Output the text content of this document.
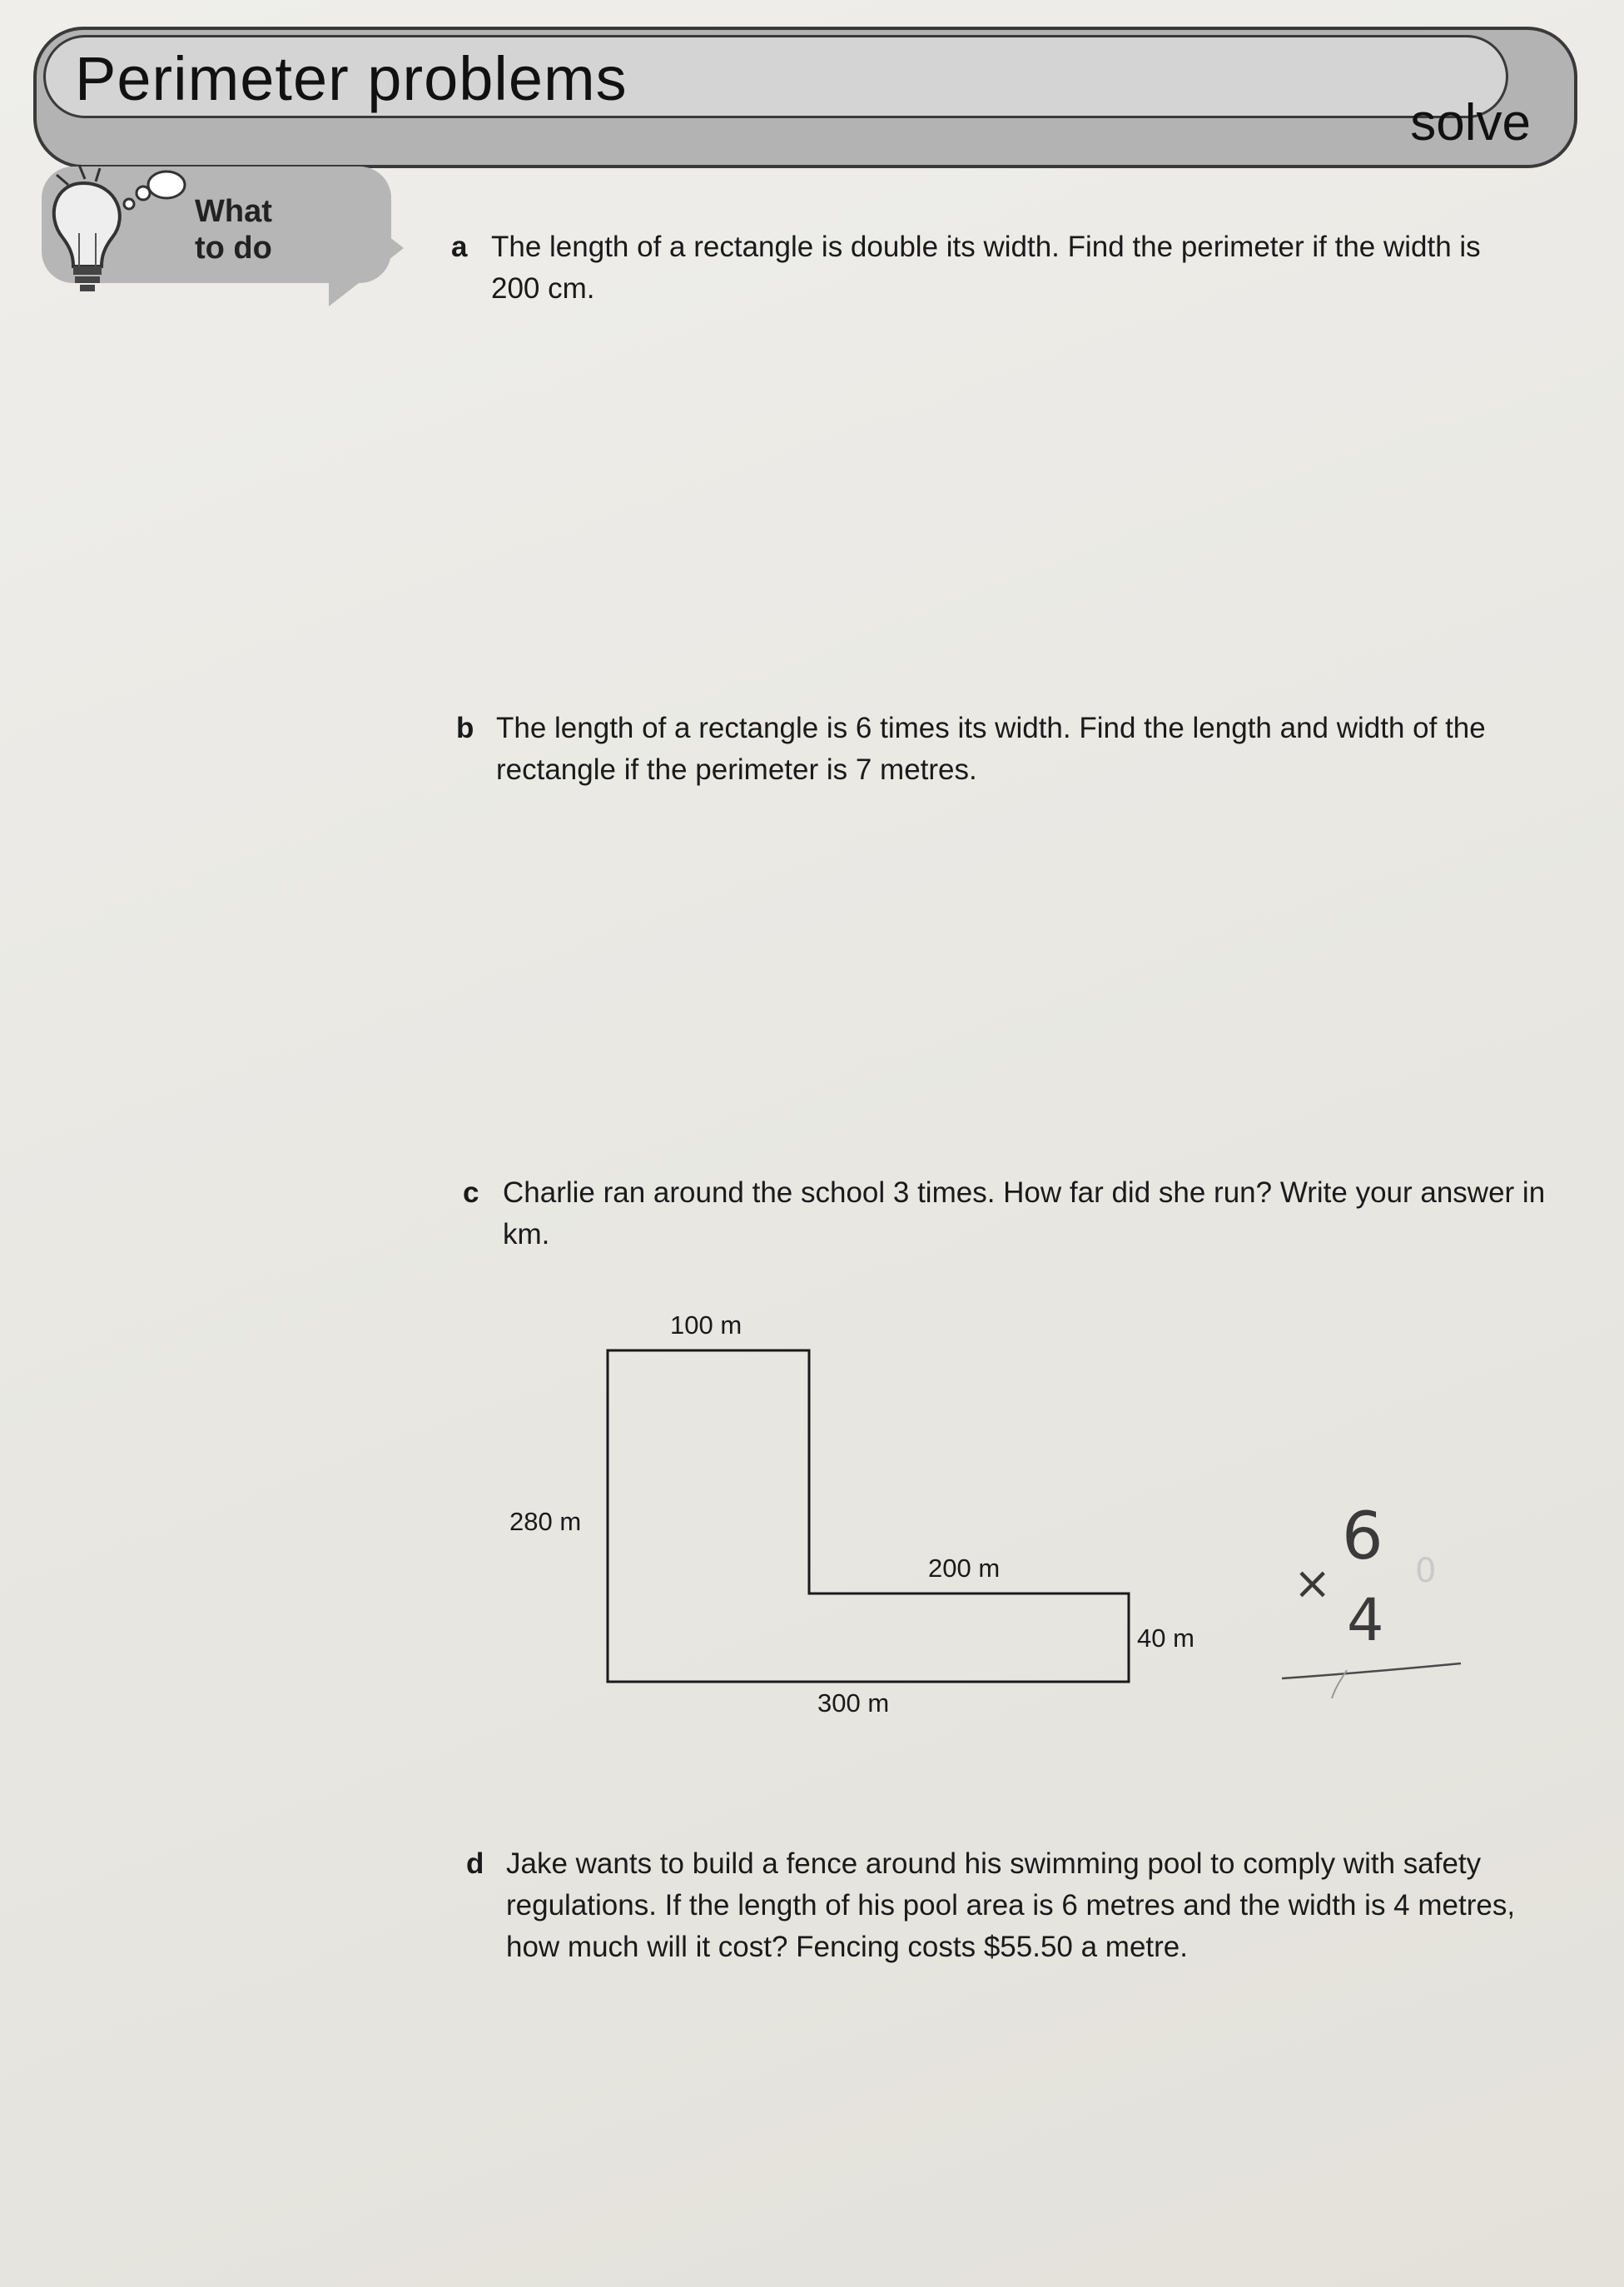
Perimeter problems
solve
What
to do	a The length of a rectangle is double its width. Find the perimeter if the width is 200 cm.
b The length of a rectangle is 6 times its width. Find the length and width of the rectangle if the perimeter is 7 metres.
c Charlie ran around the school 3 times. How far did she run? Write your answer in km.
100 m
280 m
200 m
40 m
300 m
6
×
4
0
d Jake wants to build a fence around his swimming pool to comply with safety regulations. If the length of his pool area is 6 metres and the width is 4 metres, how much will it cost? Fencing costs $55.50 a metre.
